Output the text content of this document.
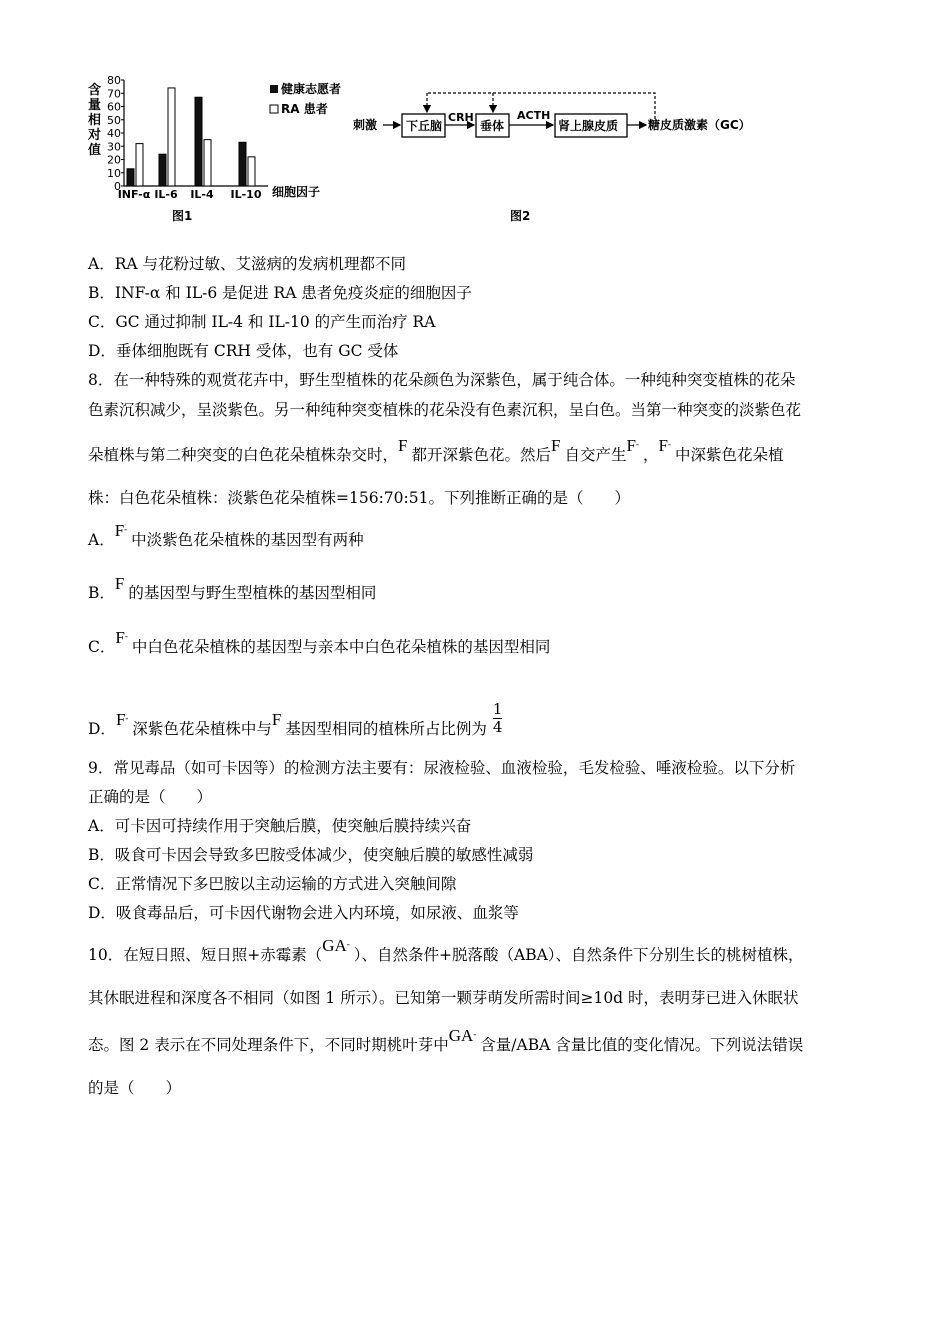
含
量
相
对
值
0
10
20
30
40
50
60
70
80
INF-α IL-6 IL-4 IL-10 细胞因子
健康志愿者
RA 患者
图1
刺激 下丘脑
CRH
垂体
ACTH
肾上腺皮质 糖皮质激素（GC）
图2
A．RA 与花粉过敏、艾滋病的发病机理都不同
B．INF-α 和 IL-6 是促进 RA 患者免疫炎症的细胞因子
C．GC 通过抑制 IL-4 和 IL-10 的产生而治疗 RA
D．垂体细胞既有 CRH 受体，也有 GC 受体
8．在一种特殊的观赏花卉中，野生型植株的花朵颜色为深紫色，属于纯合体。一种纯种突变植株的花朵
色素沉积减少，呈淡紫色。另一种纯种突变植株的花朵没有色素沉积，呈白色。当第一种突变的淡紫色花
朵植株与第二种突变的白色花朵植株杂交时，F 都开深紫色花。然后F 自交产生F-，F-中深紫色花朵植
株：白色花朵植株：淡紫色花朵植株=156:70:51。下列推断正确的是（　　）
A．F-中淡紫色花朵植株的基因型有两种
B．F 的基因型与野生型植株的基因型相同
C．F-中白色花朵植株的基因型与亲本中白色花朵植株的基因型相同
D．F-深紫色花朵植株中与F 基因型相同的植株所占比例为 $\frac{1}{4}$
9．常见毒品（如可卡因等）的检测方法主要有：尿液检验、血液检验，毛发检验、唾液检验。以下分析
正确的是（　　）
A．可卡因可持续作用于突触后膜，使突触后膜持续兴奋
B．吸食可卡因会导致多巴胺受体减少，使突触后膜的敏感性减弱
C．正常情况下多巴胺以主动运输的方式进入突触间隙
D．吸食毒品后，可卡因代谢物会进入内环境，如尿液、血浆等
10．在短日照、短日照+赤霉素（GA-）、自然条件+脱落酸（ABA）、自然条件下分别生长的桃树植株，
其休眠进程和深度各不相同（如图 1 所示）。已知第一颗芽萌发所需时间≥10d 时，表明芽已进入休眠状
态。图 2 表示在不同处理条件下，不同时期桃叶芽中GA-含量/ABA 含量比值的变化情况。下列说法错误
的是（　　）
